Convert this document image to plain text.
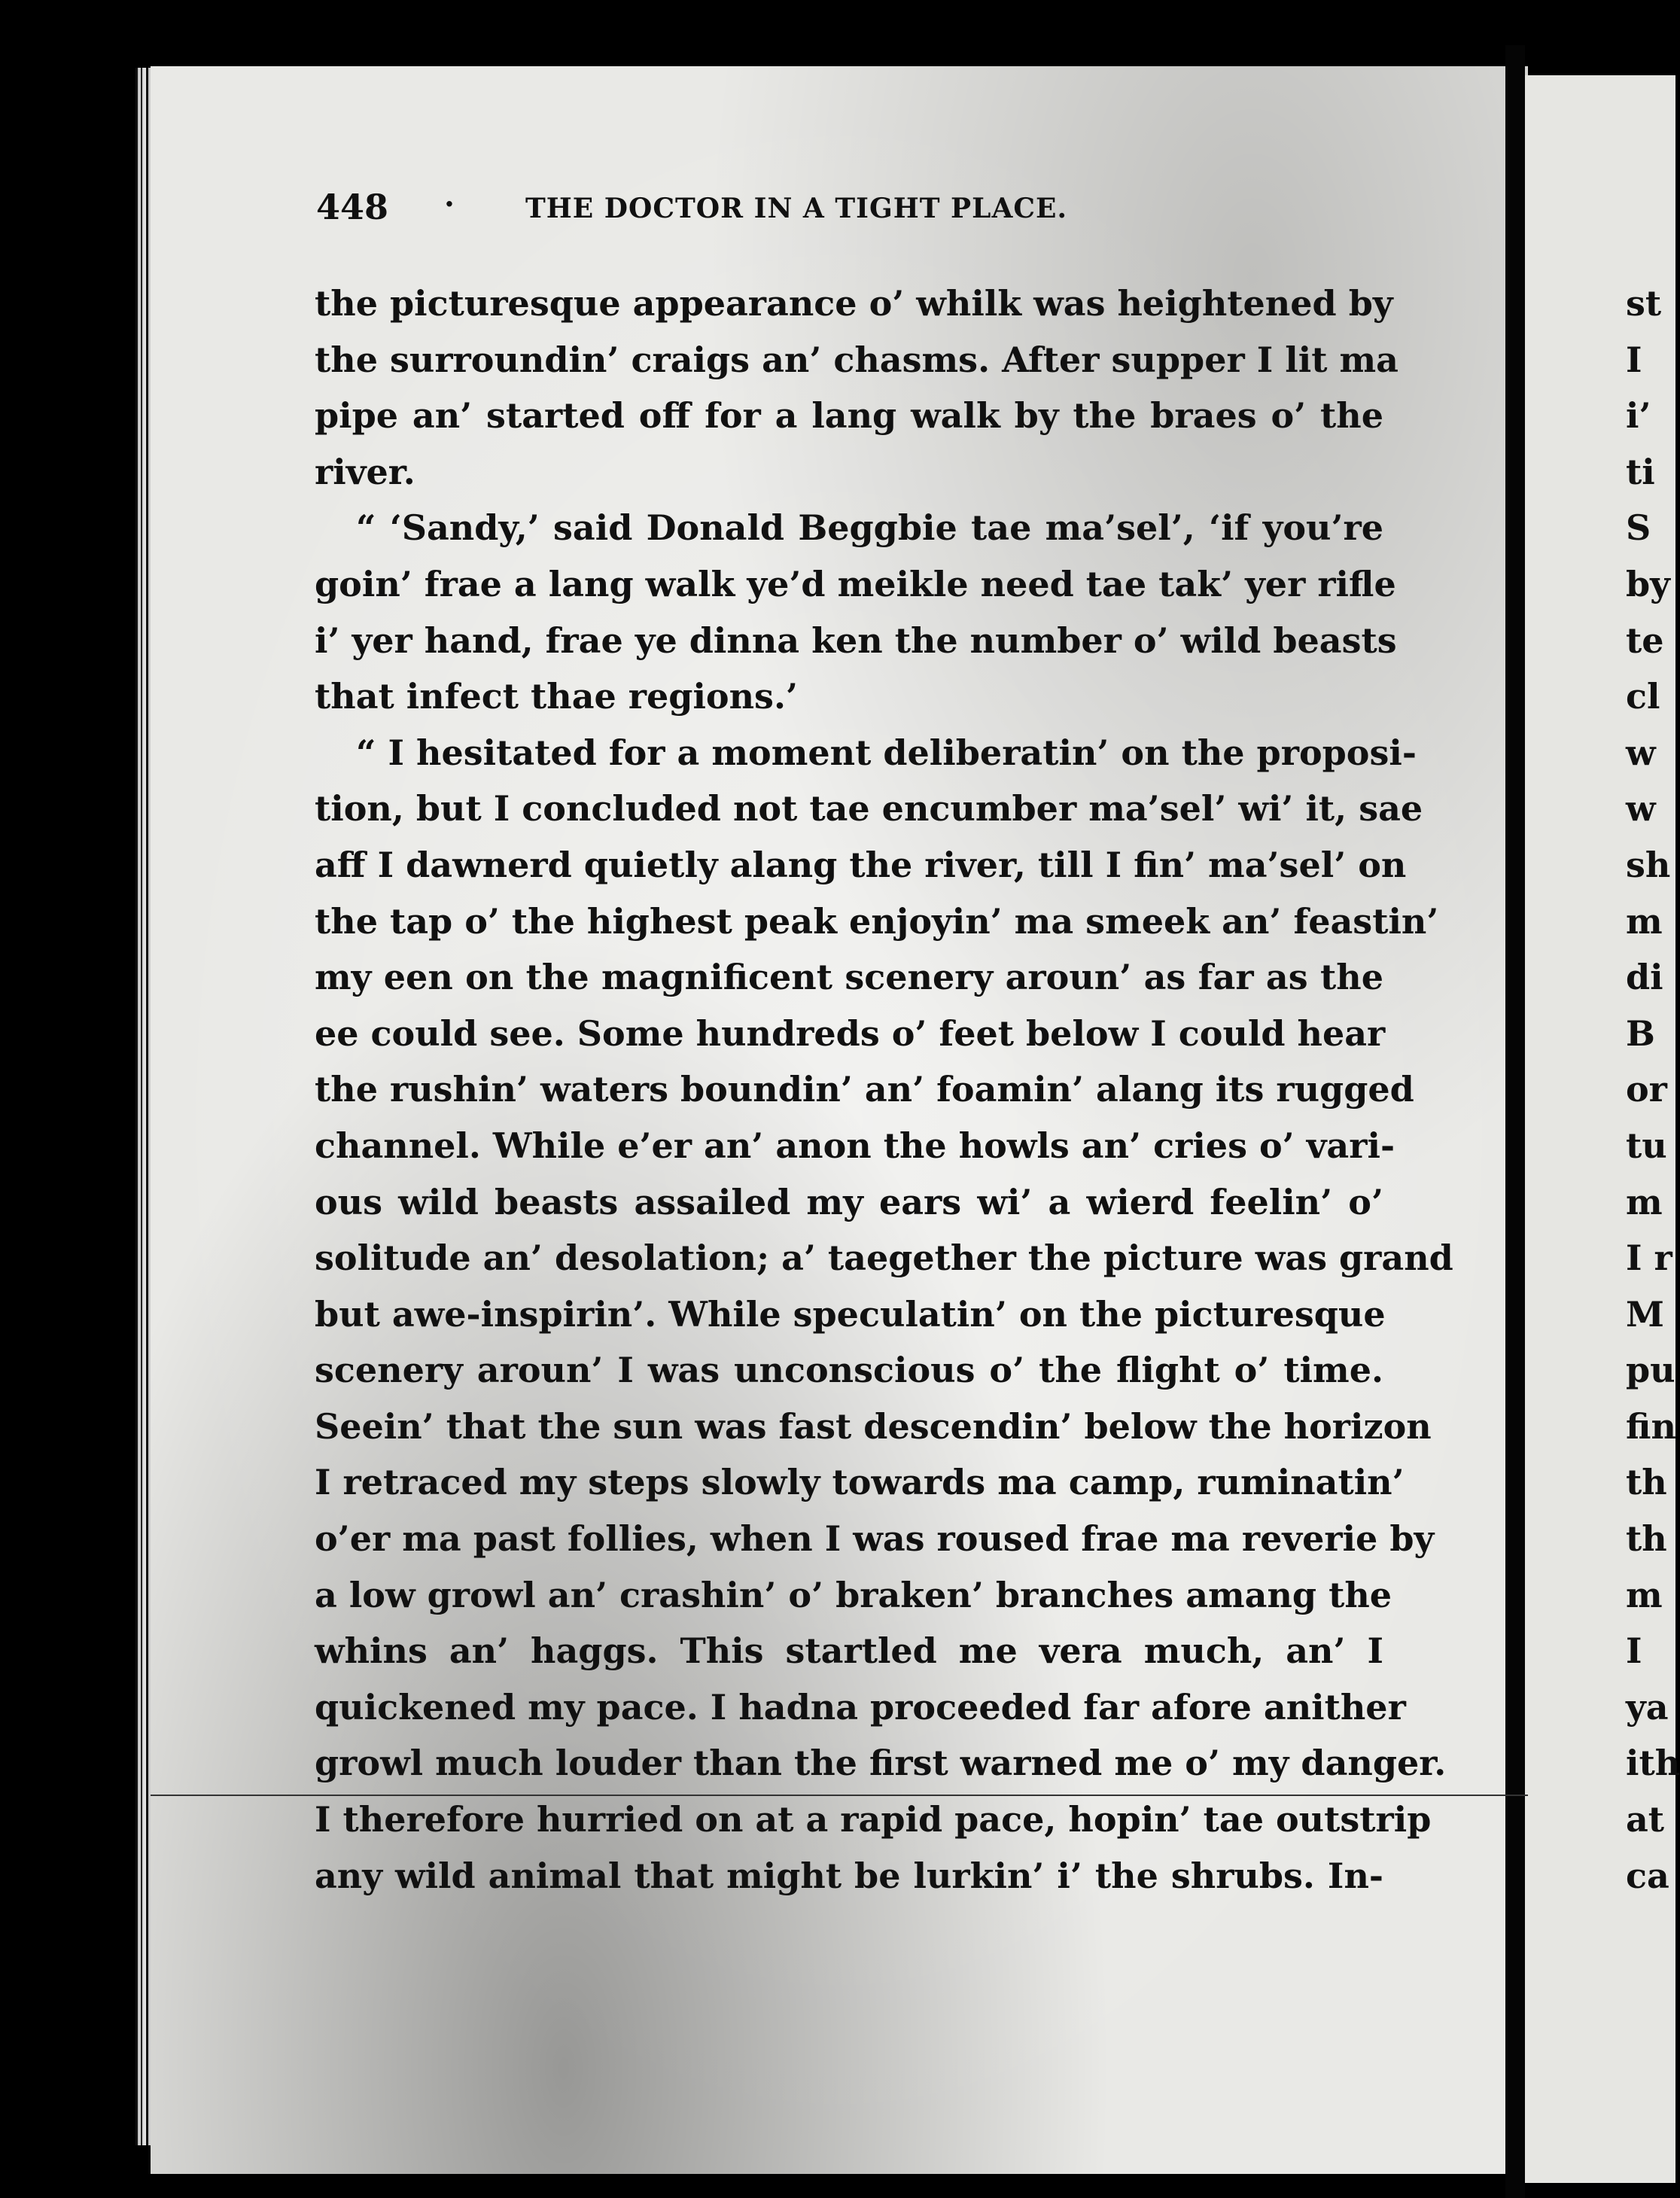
448 ·	THE DOCTOR IN A TIGHT PLACE.
the picturesque appearance o’ whilk was heightened by
the surroundin’ craigs an’ chasms. After supper I lit ma
pipe an’ started off for a lang walk by the braes o’ the
river.
“ ‘Sandy,’ said Donald Beggbie tae ma’sel’, ‘if you’re
goin’ frae a lang walk ye’d meikle need tae tak’ yer rifle
i’ yer hand, frae ye dinna ken the number o’ wild beasts
that infect thae regions.’
“ I hesitated for a moment deliberatin’ on the proposi-
tion, but I concluded not tae encumber ma’sel’ wi’ it, sae
aff I dawnerd quietly alang the river, till I fin’ ma’sel’ on
the tap o’ the highest peak enjoyin’ ma smeek an’ feastin’
my een on the magnificent scenery aroun’ as far as the
ee could see. Some hundreds o’ feet below I could hear
the rushin’ waters boundin’ an’ foamin’ alang its rugged
channel. While e’er an’ anon the howls an’ cries o’ vari-
ous wild beasts assailed my ears wi’ a wierd feelin’ o’
solitude an’ desolation; a’ taegether the picture was grand
but awe-inspirin’. While speculatin’ on the picturesque
scenery aroun’ I was unconscious o’ the flight o’ time.
Seein’ that the sun was fast descendin’ below the horizon
I retraced my steps slowly towards ma camp, ruminatin’
o’er ma past follies, when I was roused frae ma reverie by
a low growl an’ crashin’ o’ braken’ branches amang the
whins an’ haggs. This startled me vera much, an’ I
quickened my pace. I hadna proceeded far afore anither
growl much louder than the first warned me o’ my danger.
I therefore hurried on at a rapid pace, hopin’ tae outstrip
any wild animal that might be lurkin’ i’ the shrubs. In-
st
I
i’
ti
S
by
te
cl
w
w
sh
m
di
B
or
tu
m
I r
M
pu
fin
th
th
m
I
ya
ith
at
ca
